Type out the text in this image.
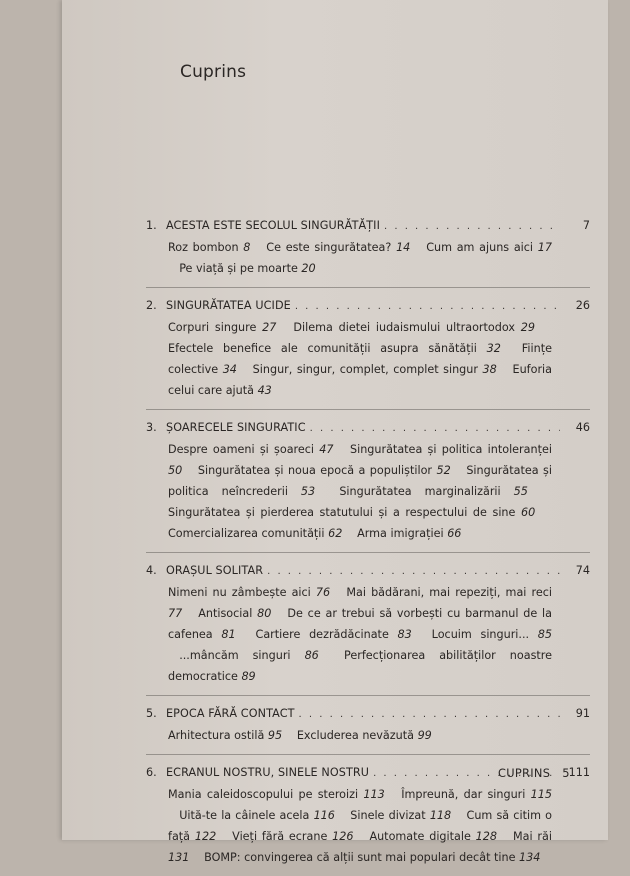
Cuprins
1. ACESTA ESTE SECOLUL SINGURĂTĂȚII . . .	7
Roz bombon 8   Ce este singurătatea? 14   Cum am ajuns aici 17  Pe viață și pe moarte 20
2. SINGURĂTATEA UCIDE . . .	26
Corpuri singure 27   Dilema dietei iudaismului ultraortodox 29  Efectele benefice ale comunității asupra sănătății 32   Ființe colective 34   Singur, singur, complet, complet singur 38   Euforia celui care ajută 43
3. ȘOARECELE SINGURATIC . . .	46
Despre oameni și șoareci 47   Singurătatea și politica intoleranței 50   Singurătatea și noua epocă a populiștilor 52   Singurătatea și politica neîncrederii 53   Singurătatea marginalizării 55  Singurătatea și pierderea statutului și a respectului de sine 60  Comercializarea comunității 62   Arma imigrației 66
4. ORAȘUL SOLITAR . . .	74
Nimeni nu zâmbește aici 76   Mai bădărani, mai repeziți, mai reci 77   Antisocial 80   De ce ar trebui să vorbești cu barmanul de la cafenea 81   Cartiere dezrădăcinate 83   Locuim singuri... 85  ...mâncăm singuri 86   Perfecționarea abilităților noastre democratice 89
5. EPOCA FĂRĂ CONTACT . . .	91
Arhitectura ostilă 95   Excluderea nevăzută 99
6. ECRANUL NOSTRU, SINELE NOSTRU . . .	111
Mania caleidoscopului pe steroizi 113   Împreună, dar singuri 115  Uită-te la câinele acela 116   Sinele divizat 118   Cum să citim o față 122   Vieți fără ecrane 126   Automate digitale 128   Mai răi 131   BOMP: convingerea că alții sunt mai populari decât tine 134
CUPRINS 5
